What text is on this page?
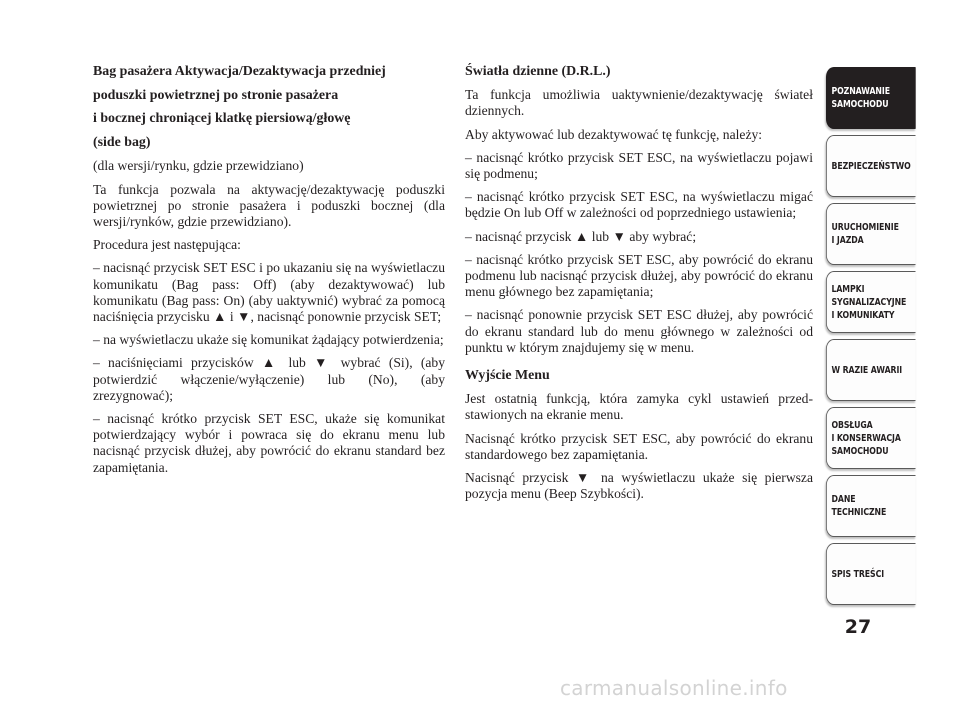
Bag pasażera Aktywacja/Dezaktywacja przedniej

poduszki powietrznej po stronie pasażera

i bocznej chroniącej klatkę piersiową/głowę

(side bag)

(dla wersji/rynku, gdzie przewidziano)

Ta funkcja pozwala na aktywację/dezaktywację poduszki powietrznej po stronie pasażera i poduszki bocznej (dla wersji/rynków, gdzie przewidziano).

Procedura jest następująca:

– nacisnąć przycisk SET ESC i po ukazaniu się na wyświetlaczu komunikatu (Bag pass: Off) (aby dezaktywować) lub komunikatu (Bag pass: On) (aby uaktywnić) wybrać za pomocą naciśnięcia przycisku ▲ i ▼, nacisnąć ponownie przycisk SET;

– na wyświetlaczu ukaże się komunikat żądający potwierdzenia;

– naciśnięciami przycisków ▲ lub ▼ wybrać (Si), (aby potwierdzić włączenie/wyłączenie) lub (No), (aby zrezygnować);

– nacisnąć krótko przycisk SET ESC, ukaże się komunikat potwierdzający wybór i powraca się do ekranu menu lub nacisnąć przycisk dłużej, aby powrócić do ekranu standard bez zapamiętania.

Światła dzienne (D.R.L.)

Ta funkcja umożliwia uaktywnienie/dezaktywację świateł dziennych.

Aby aktywować lub dezaktywować tę funkcję, należy:

– nacisnąć krótko przycisk SET ESC, na wyświetlaczu pojawi się podmenu;

– nacisnąć krótko przycisk SET ESC, na wyświetlaczu migać będzie On lub Off w zależności od poprzedniego ustawienia;

– nacisnąć przycisk ▲ lub ▼ aby wybrać;

– nacisnąć krótko przycisk SET ESC, aby powrócić do ekranu podmenu lub nacisnąć przycisk dłużej, aby powrócić do ekranu menu głównego bez zapamiętania;

– nacisnąć ponownie przycisk SET ESC dłużej, aby powrócić do ekranu standard lub do menu głównego w zależności od punktu w którym znajdujemy się w menu.

Wyjście Menu

Jest ostatnią funkcją, która zamyka cykl ustawień przed-stawionych na ekranie menu.

Nacisnąć krótko przycisk SET ESC, aby powrócić do ekranu standardowego bez zapamiętania.

Nacisnąć przycisk ▼ na wyświetlaczu ukaże się pierwsza pozycja menu (Beep Szybkości).

POZNAWANIE
SAMOCHODU
BEZPIECZEŃSTWO
URUCHOMIENIE
I JAZDA
LAMPKI
SYGNALIZACYJNE
I KOMUNIKATY
W RAZIE AWARII
OBSŁUGA
I KONSERWACJA
SAMOCHODU
DANE
TECHNICZNE
SPIS TREŚCI
27
carmanualsonline.info
